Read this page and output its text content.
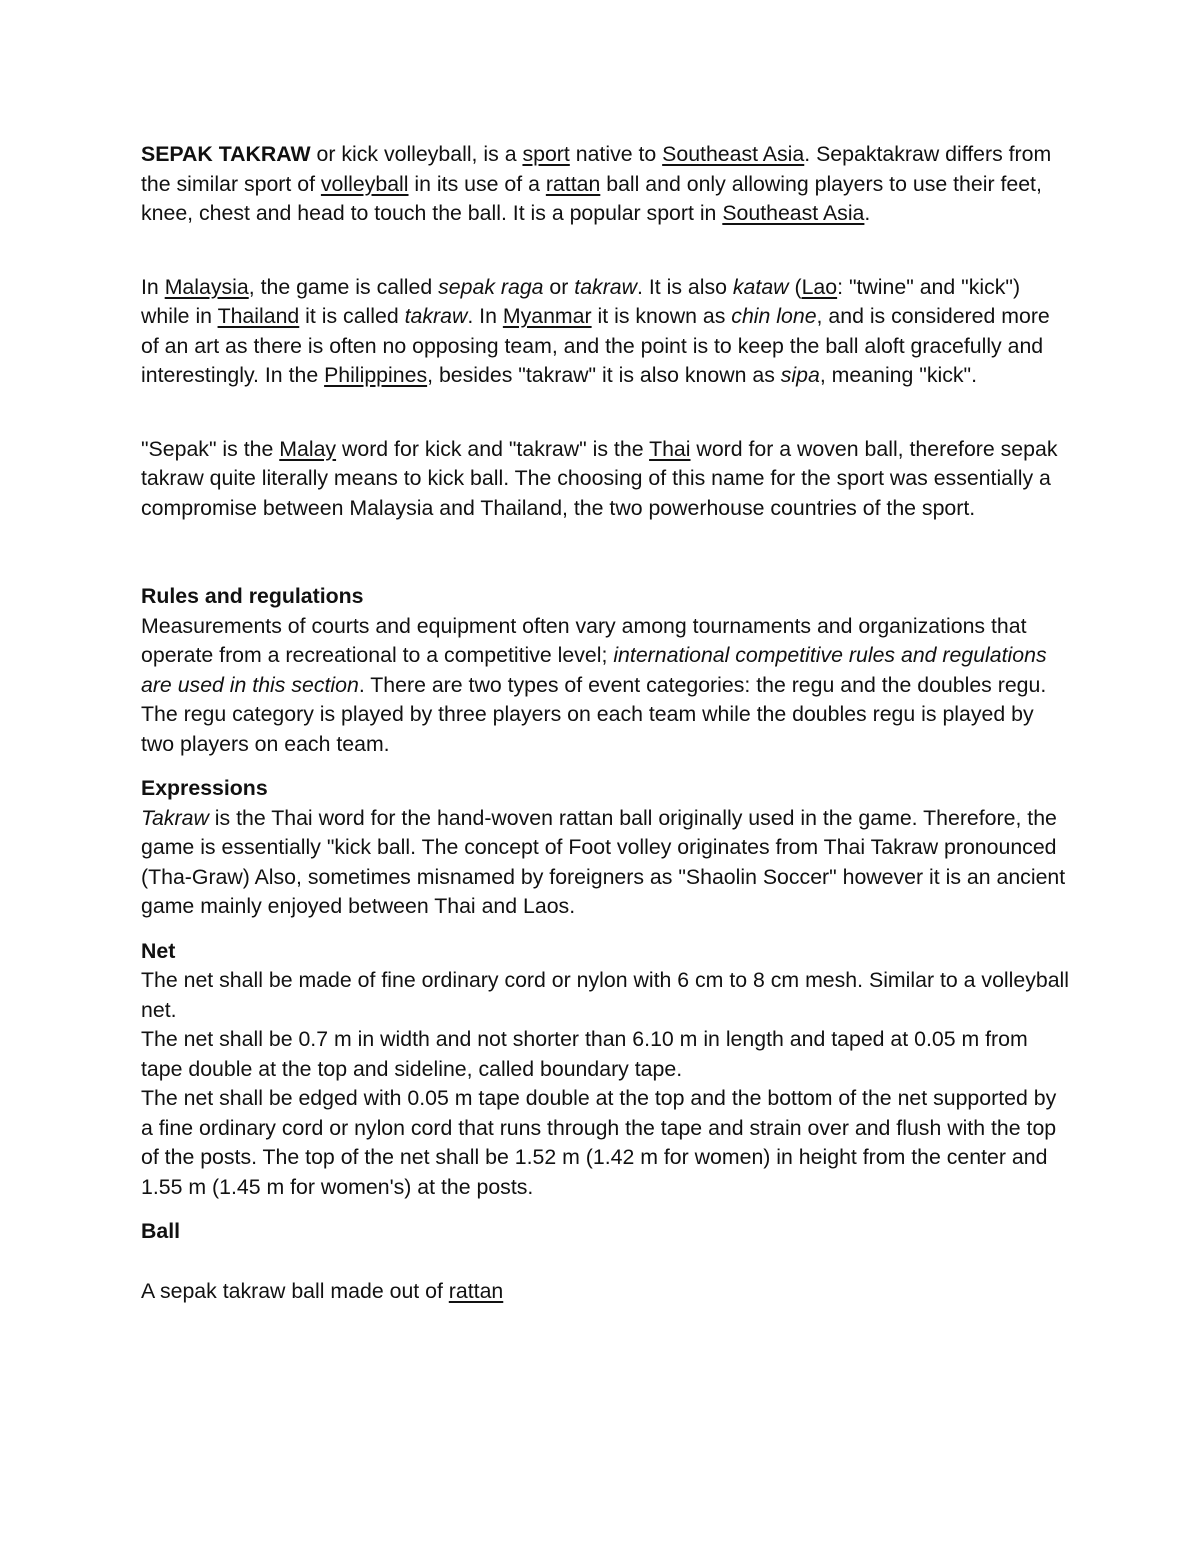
SEPAK TAKRAW or kick volleyball, is a sport native to Southeast Asia. Sepaktakraw differs from the similar sport of volleyball in its use of a rattan ball and only allowing players to use their feet, knee, chest and head to touch the ball. It is a popular sport in Southeast Asia.

In Malaysia, the game is called sepak raga or takraw. It is also kataw (Lao: "twine" and "kick") while in Thailand it is called takraw. In Myanmar it is known as chin lone, and is considered more of an art as there is often no opposing team, and the point is to keep the ball aloft gracefully and interestingly. In the Philippines, besides "takraw" it is also known as sipa, meaning "kick".

"Sepak" is the Malay word for kick and "takraw" is the Thai word for a woven ball, therefore sepak takraw quite literally means to kick ball. The choosing of this name for the sport was essentially a compromise between Malaysia and Thailand, the two powerhouse countries of the sport.

Rules and regulations

Measurements of courts and equipment often vary among tournaments and organizations that operate from a recreational to a competitive level; international competitive rules and regulations are used in this section. There are two types of event categories: the regu and the doubles regu. The regu category is played by three players on each team while the doubles regu is played by two players on each team.

Expressions

Takraw is the Thai word for the hand-woven rattan ball originally used in the game. Therefore, the game is essentially "kick ball. The concept of Foot volley originates from Thai Takraw pronounced (Tha-Graw) Also, sometimes misnamed by foreigners as "Shaolin Soccer" however it is an ancient game mainly enjoyed between Thai and Laos.

Net

The net shall be made of fine ordinary cord or nylon with 6 cm to 8 cm mesh. Similar to a volleyball net.

The net shall be 0.7 m in width and not shorter than 6.10 m in length and taped at 0.05 m from tape double at the top and sideline, called boundary tape.

The net shall be edged with 0.05 m tape double at the top and the bottom of the net supported by a fine ordinary cord or nylon cord that runs through the tape and strain over and flush with the top of the posts. The top of the net shall be 1.52 m (1.42 m for women) in height from the center and 1.55 m (1.45 m for women's) at the posts.

Ball

A sepak takraw ball made out of rattan
